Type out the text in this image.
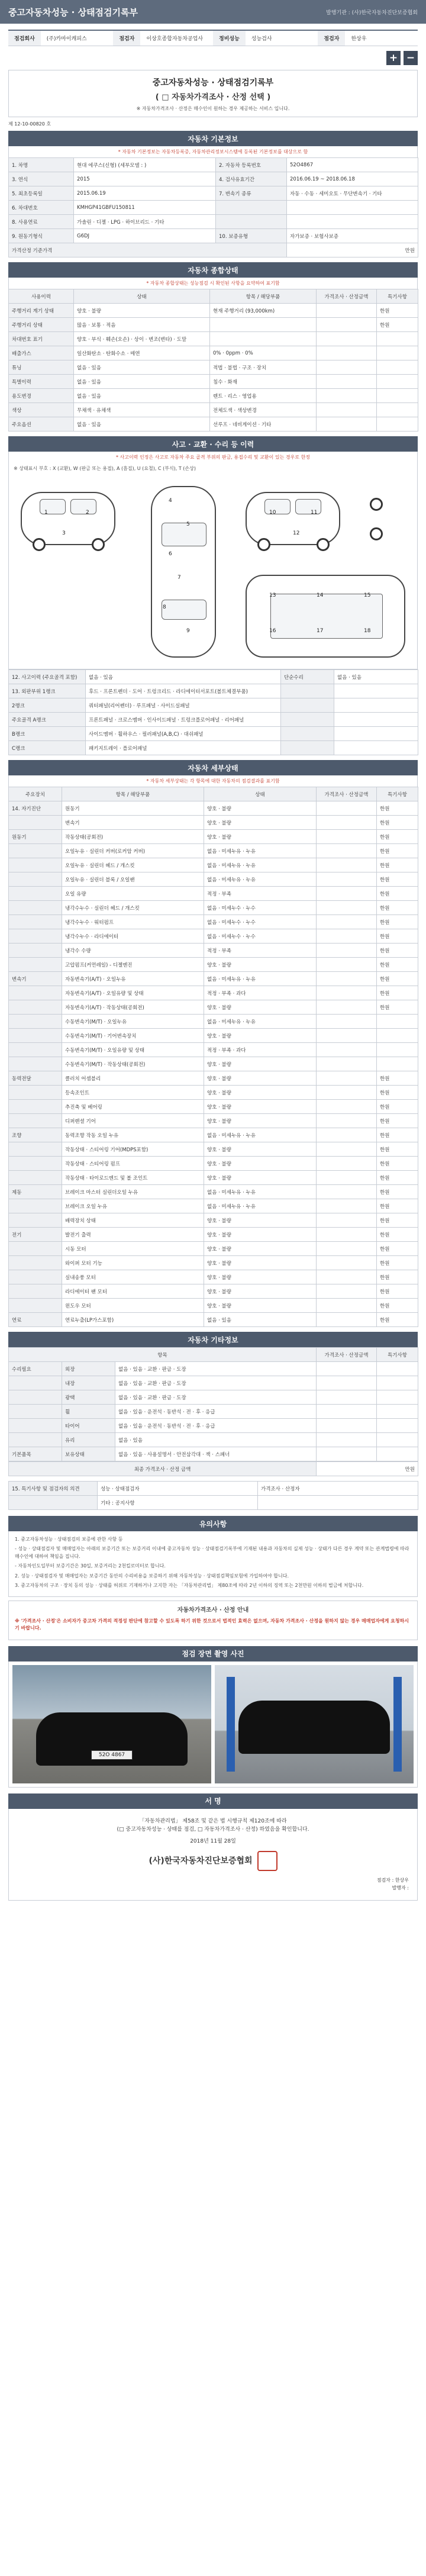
중고자동차성능 · 상태점검기록부	발행기관 : (사)한국자동차진단보증협회
점검회사	(주)카마이캐피스	점검자	이상호종합자동차공업사	정비성능	성능검사	점검자	한상우
+ −
중고자동차성능 · 상태점검기록부
( □ 자동차가격조사 · 산정 선택 )
※ 자동차가격조사 · 산정은 매수인이 원하는 경우 제공하는 서비스 입니다.
제 12-10-00820 호
자동차 기본정보
* 자동차 기본정보는 자동차등록증, 자동차관리정보시스템에 등록된 기본정보를 대상으로 함
1. 차명	현대 에쿠스(신형) (세부모델 : )	2. 자동차 등록번호	52O4867
3. 연식	2015	4. 검사유효기간	2016.06.19 ~ 2018.06.18
5. 최초등록일	2015.06.19	7. 변속기 종류	자동 · 수동 · 세미오토 · 무단변속기 · 기타
6. 차대번호	KMHGP41GBFU150811		
8. 사용연료	가솔린 · 디젤 · LPG · 하이브리드 · 기타		
9. 원동기형식	G6DJ	10. 보증유형	자가보증 · 보험사보증
가격산정 기준가격			만원
자동차 종합상태
* 자동차 종합상태는 성능점검 시 확인된 사항을 요약하여 표기함
사용이력	상태	항목 / 해당부품	가격조사 · 산정금액	특기사항
주행거리 계기 상태	양호 · 불량	현재 주행거리 (93,000km)		한원
주행거리 상태	많음 · 보통 · 적음			한원
차대번호 표기	양호 · 부식 · 훼손(오손) · 상이 · 변조(변타) · 도말			
배출가스	일산화탄소 · 탄화수소 · 매연	0% · 0ppm · 0%		
튜닝	없음 · 있음	적법 · 불법 · 구조 · 장치		
특별이력	없음 · 있음	침수 · 화재		
용도변경	없음 · 있음	렌트 · 리스 · 영업용		
색상	무채색 · 유채색	전체도색 · 색상변경		
주요옵션	없음 · 있음	선루프 · 네비게이션 · 기타		
사고 · 교환 · 수리 등 이력
* 사고이력 인정은 사고로 자동차 주요 골격 부위의 판금, 용접수리 및 교환이 있는 경우로 한정
※ 상태표시 부호 : X (교환), W (판금 또는 용접), A (흠집), U (요철), C (부식), T (손상)
1	2
3
4
5
6
7
8
9
10	11
12
13	14	15
16	17	18
12. 사고이력 (주요골격 포함)	없음 · 있음	단순수리	없음 · 있음
13. 외판부위 1랭크	후드 · 프론트펜더 · 도어 · 트렁크리드 · 라디에이터서포트(볼트체결부품)		
2랭크	쿼터패널(리어펜더) · 루프패널 · 사이드실패널		
주요골격 A랭크	프론트패널 · 크로스멤버 · 인사이드패널 · 트렁크플로어패널 · 리어패널		
B랭크	사이드멤버 · 휠하우스 · 필러패널(A,B,C) · 대쉬패널		
C랭크	패키지트레이 · 플로어패널		
자동차 세부상태
* 자동차 세부상태는 각 항목에 대한 자동차의 점검결과를 표기함
주요장치	항목 / 해당부품	상태	가격조사 · 산정금액	특기사항
14. 자기진단	원동기	양호 · 불량		한원
	변속기	양호 · 불량		한원
원동기	작동상태(공회전)	양호 · 불량		한원
	오일누유 · 실린더 커버(로커암 커버)	없음 · 미세누유 · 누유		한원
	오일누유 · 실린더 헤드 / 개스킷	없음 · 미세누유 · 누유		한원
	오일누유 · 실린더 블록 / 오일팬	없음 · 미세누유 · 누유		한원
	오일 유량	적정 · 부족		한원
	냉각수누수 · 실린더 헤드 / 개스킷	없음 · 미세누수 · 누수		한원
	냉각수누수 · 워터펌프	없음 · 미세누수 · 누수		한원
	냉각수누수 · 라디에이터	없음 · 미세누수 · 누수		한원
	냉각수 수량	적정 · 부족		한원
	고압펌프(커먼레일) - 디젤엔진	양호 · 불량		한원
변속기	자동변속기(A/T) · 오일누유	없음 · 미세누유 · 누유		한원
	자동변속기(A/T) · 오일유량 및 상태	적정 · 부족 · 과다		한원
	자동변속기(A/T) · 작동상태(공회전)	양호 · 불량		한원
	수동변속기(M/T) · 오일누유	없음 · 미세누유 · 누유		
	수동변속기(M/T) · 기어변속장치	양호 · 불량		
	수동변속기(M/T) · 오일유량 및 상태	적정 · 부족 · 과다		
	수동변속기(M/T) · 작동상태(공회전)	양호 · 불량		
동력전달	클러치 어셈블리	양호 · 불량		한원
	등속조인트	양호 · 불량		한원
	추진축 및 베어링	양호 · 불량		한원
	디퍼렌셜 기어	양호 · 불량		한원
조향	동력조향 작동 오일 누유	없음 · 미세누유 · 누유		한원
	작동상태 · 스티어링 기어(MDPS포함)	양호 · 불량		한원
	작동상태 · 스티어링 펌프	양호 · 불량		한원
	작동상태 · 타이로드엔드 및 볼 조인트	양호 · 불량		한원
제동	브레이크 마스터 실린더오일 누유	없음 · 미세누유 · 누유		한원
	브레이크 오일 누유	없음 · 미세누유 · 누유		한원
	배력장치 상태	양호 · 불량		한원
전기	발전기 출력	양호 · 불량		한원
	시동 모터	양호 · 불량		한원
	와이퍼 모터 기능	양호 · 불량		한원
	실내송풍 모터	양호 · 불량		한원
	라디에이터 팬 모터	양호 · 불량		한원
	윈도우 모터	양호 · 불량		한원
연료	연료누출(LP가스포함)	없음 · 있음		한원
자동차 기타정보
항목			가격조사 · 산정금액	특기사항
수리필요	외장	없음 · 있음 · 교환 · 판금 · 도장		
	내장	없음 · 있음 · 교환 · 판금 · 도장		
	광택	없음 · 있음 · 교환 · 판금 · 도장		
	휠	없음 · 있음 · 운전석 · 동반석 · 전 · 후 · 응급		
	타이어	없음 · 있음 · 운전석 · 동반석 · 전 · 후 · 응급		
	유리	없음 · 있음		
기본품목	보유상태	없음 · 있음 · 사용설명서 · 안전삼각대 · 잭 · 스패너		
최종 가격조사 · 산정 금액	만원
15. 특기사항 및 점검자의 의견	성능 · 상태점검자	가격조사 · 산정자
	기타 : 공지사항	
유의사항

1. 중고자동차성능 · 상태점검의 보증에 관한 사항 등

- 성능 · 상태점검자 및 매매업자는 아래의 보증기간 또는 보증거리 이내에 중고자동차 성능 · 상태점검기록부에 기재된 내용과 자동차의 실제 성능 · 상태가 다른 경우 계약 또는 관계법령에 따라 매수인에 대하여 책임을 집니다.

- 자동차인도일부터 보증기간은 30일, 보증거리는 2천킬로미터로 합니다.

2. 성능 · 상태점검자 및 매매업자는 보증기간 동안의 수리비용을 보증하기 위해 자동차성능 · 상태점검책임보험에 가입하여야 합니다.

3. 중고자동차의 구조 · 장치 등의 성능 · 상태를 허위로 기재하거나 고지한 자는 「자동차관리법」 제80조에 따라 2년 이하의 징역 또는 2천만원 이하의 벌금에 처합니다.

자동차가격조사 · 산정 안내

※ '가격조사 · 산정'은 소비자가 중고차 가격의 적정성 판단에 참고할 수 있도록 하기 위한 것으로서 법적인 효력은 없으며, 자동차 가격조사 · 산정을 원하지 않는 경우 매매업자에게 요청하시기 바랍니다.

점검 장면 촬영 사진
52O 4867
서 명
「자동차관리법」 제58조 및 같은 법 시행규칙 제120조에 따라
(□ 중고자동차성능 · 상태를 점검, □ 자동차가격조사 · 산정) 하였음을 확인합니다.
2018년 11월 28일
(사)한국자동차진단보증협회
점검자 : 한상우
발행자 :
